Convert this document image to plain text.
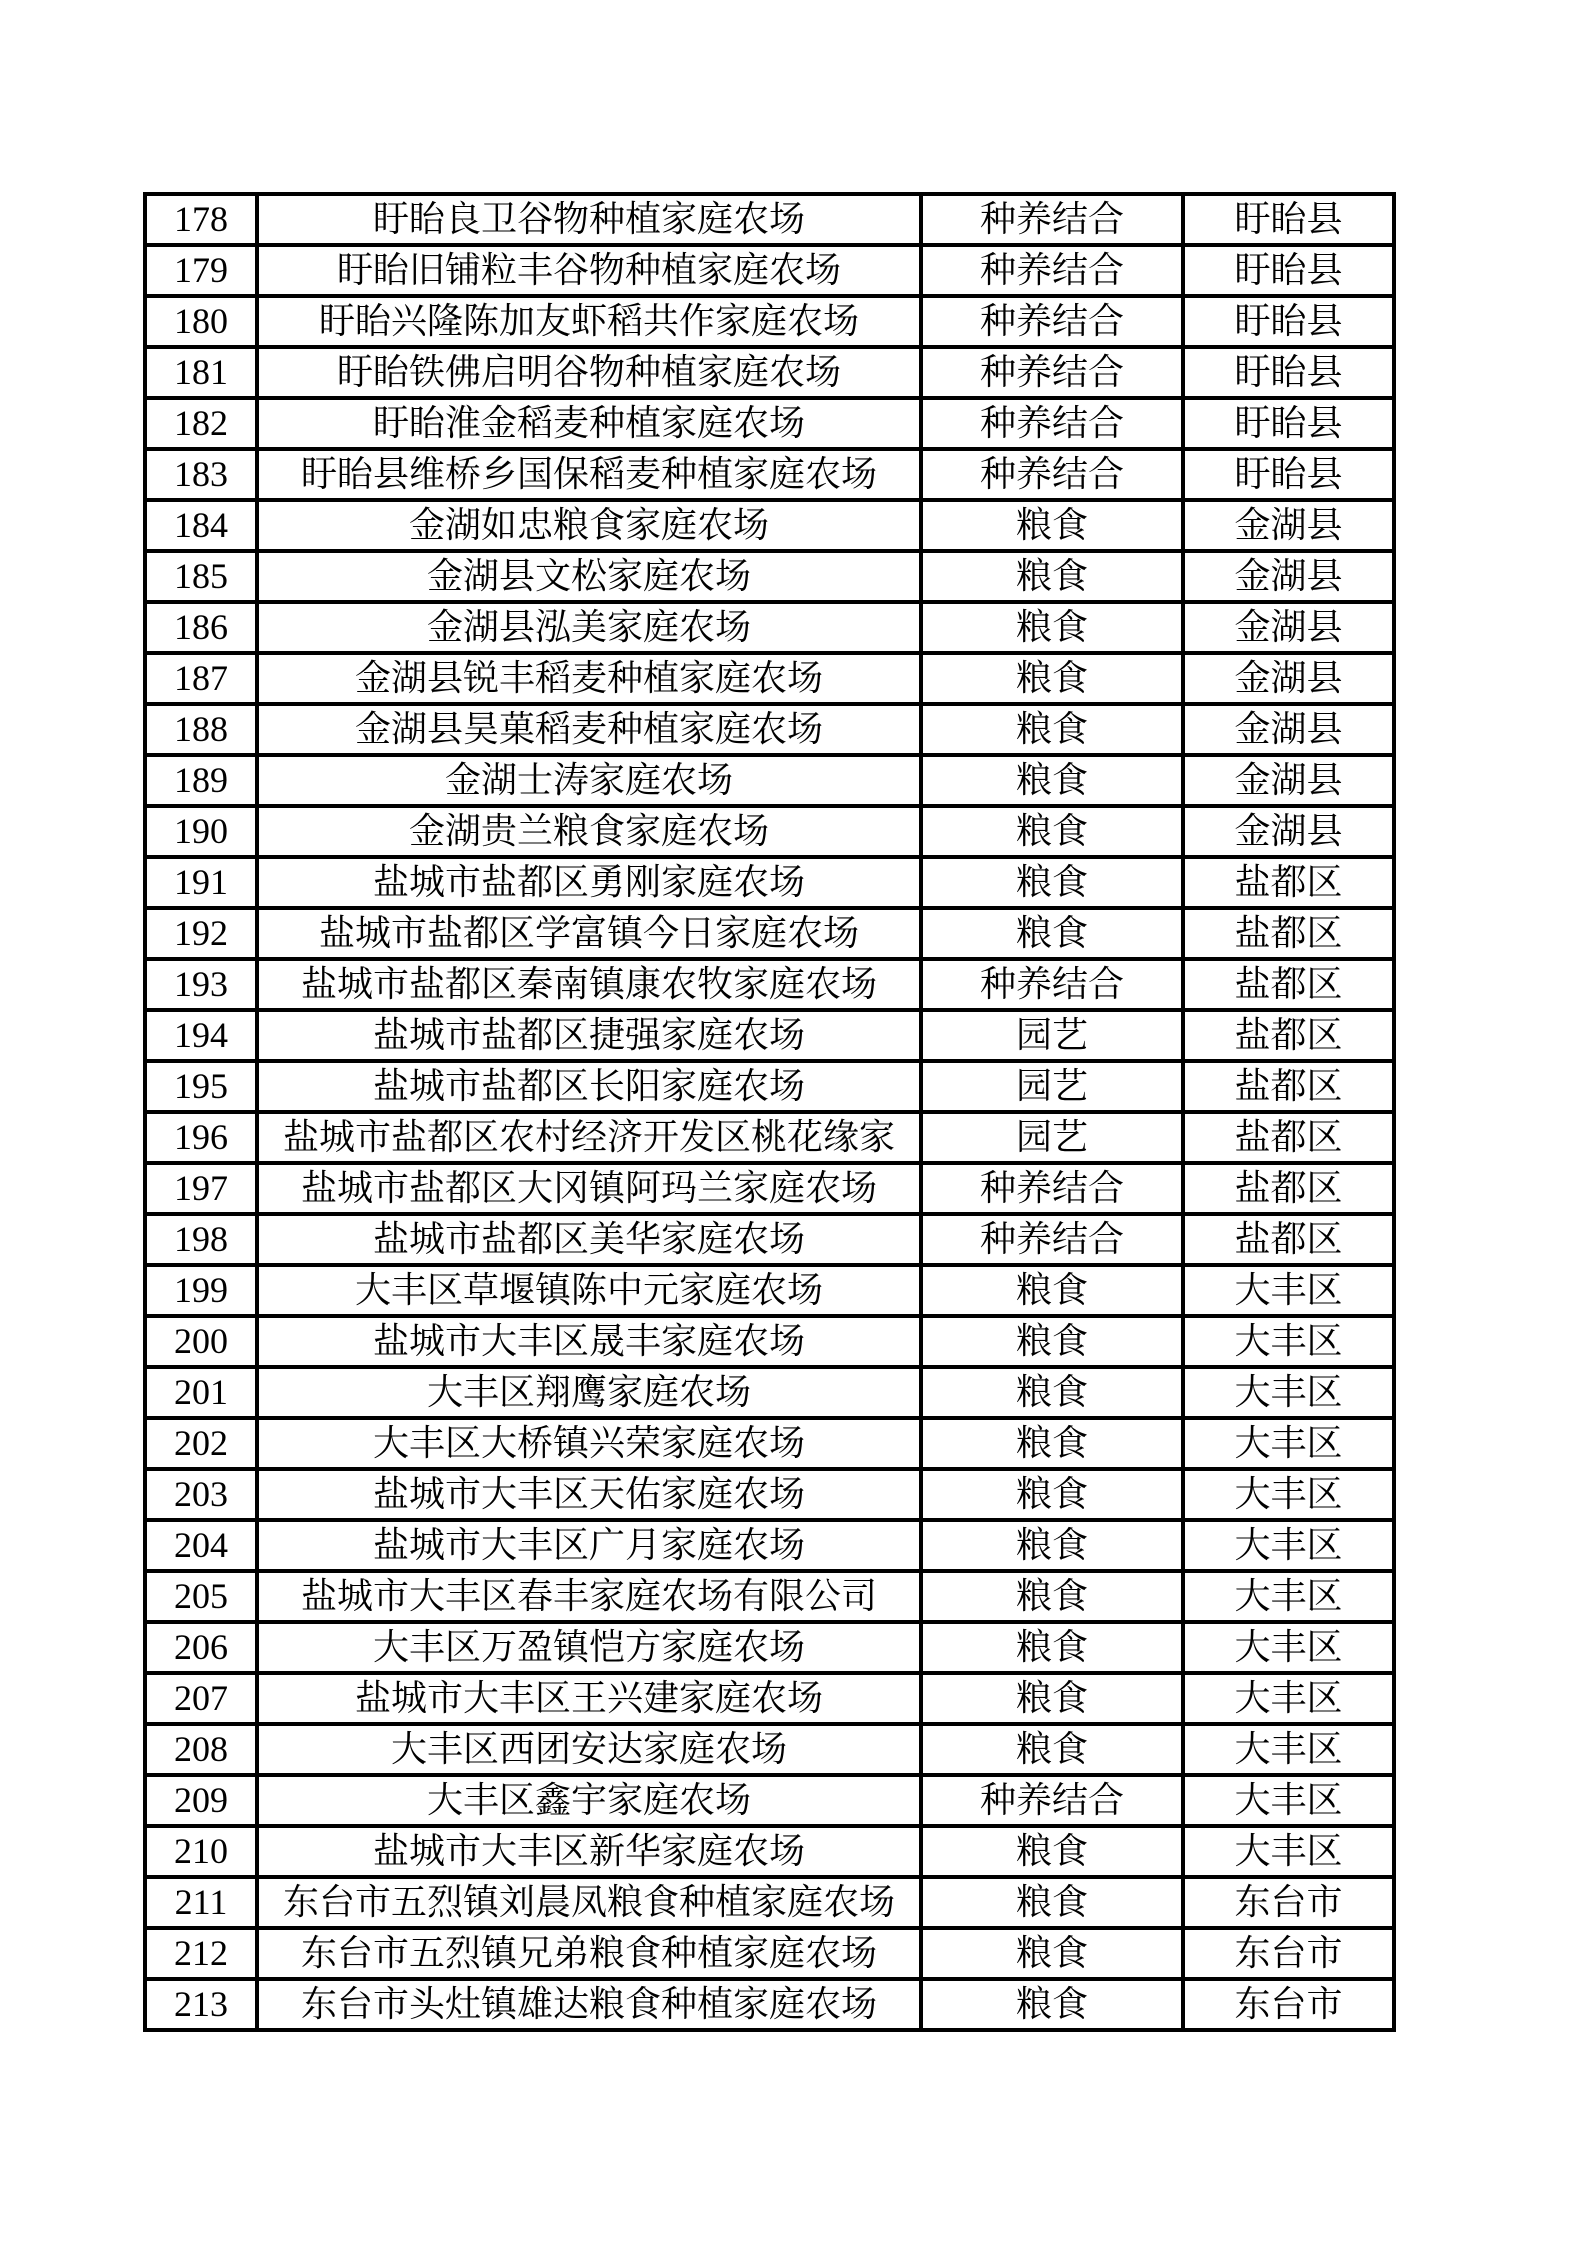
178	盱眙良卫谷物种植家庭农场	种养结合	盱眙县
179	盱眙旧铺粒丰谷物种植家庭农场	种养结合	盱眙县
180	盱眙兴隆陈加友虾稻共作家庭农场	种养结合	盱眙县
181	盱眙铁佛启明谷物种植家庭农场	种养结合	盱眙县
182	盱眙淮金稻麦种植家庭农场	种养结合	盱眙县
183	盱眙县维桥乡国保稻麦种植家庭农场	种养结合	盱眙县
184	金湖如忠粮食家庭农场	粮食	金湖县
185	金湖县文松家庭农场	粮食	金湖县
186	金湖县泓美家庭农场	粮食	金湖县
187	金湖县锐丰稻麦种植家庭农场	粮食	金湖县
188	金湖县昊菓稻麦种植家庭农场	粮食	金湖县
189	金湖士涛家庭农场	粮食	金湖县
190	金湖贵兰粮食家庭农场	粮食	金湖县
191	盐城市盐都区勇刚家庭农场	粮食	盐都区
192	盐城市盐都区学富镇今日家庭农场	粮食	盐都区
193	盐城市盐都区秦南镇康农牧家庭农场	种养结合	盐都区
194	盐城市盐都区捷强家庭农场	园艺	盐都区
195	盐城市盐都区长阳家庭农场	园艺	盐都区
196	盐城市盐都区农村经济开发区桃花缘家	园艺	盐都区
197	盐城市盐都区大冈镇阿玛兰家庭农场	种养结合	盐都区
198	盐城市盐都区美华家庭农场	种养结合	盐都区
199	大丰区草堰镇陈中元家庭农场	粮食	大丰区
200	盐城市大丰区晟丰家庭农场	粮食	大丰区
201	大丰区翔鹰家庭农场	粮食	大丰区
202	大丰区大桥镇兴荣家庭农场	粮食	大丰区
203	盐城市大丰区天佑家庭农场	粮食	大丰区
204	盐城市大丰区广月家庭农场	粮食	大丰区
205	盐城市大丰区春丰家庭农场有限公司	粮食	大丰区
206	大丰区万盈镇恺方家庭农场	粮食	大丰区
207	盐城市大丰区王兴建家庭农场	粮食	大丰区
208	大丰区西团安达家庭农场	粮食	大丰区
209	大丰区鑫宇家庭农场	种养结合	大丰区
210	盐城市大丰区新华家庭农场	粮食	大丰区
211	东台市五烈镇刘晨凤粮食种植家庭农场	粮食	东台市
212	东台市五烈镇兄弟粮食种植家庭农场	粮食	东台市
213	东台市头灶镇雄达粮食种植家庭农场	粮食	东台市
